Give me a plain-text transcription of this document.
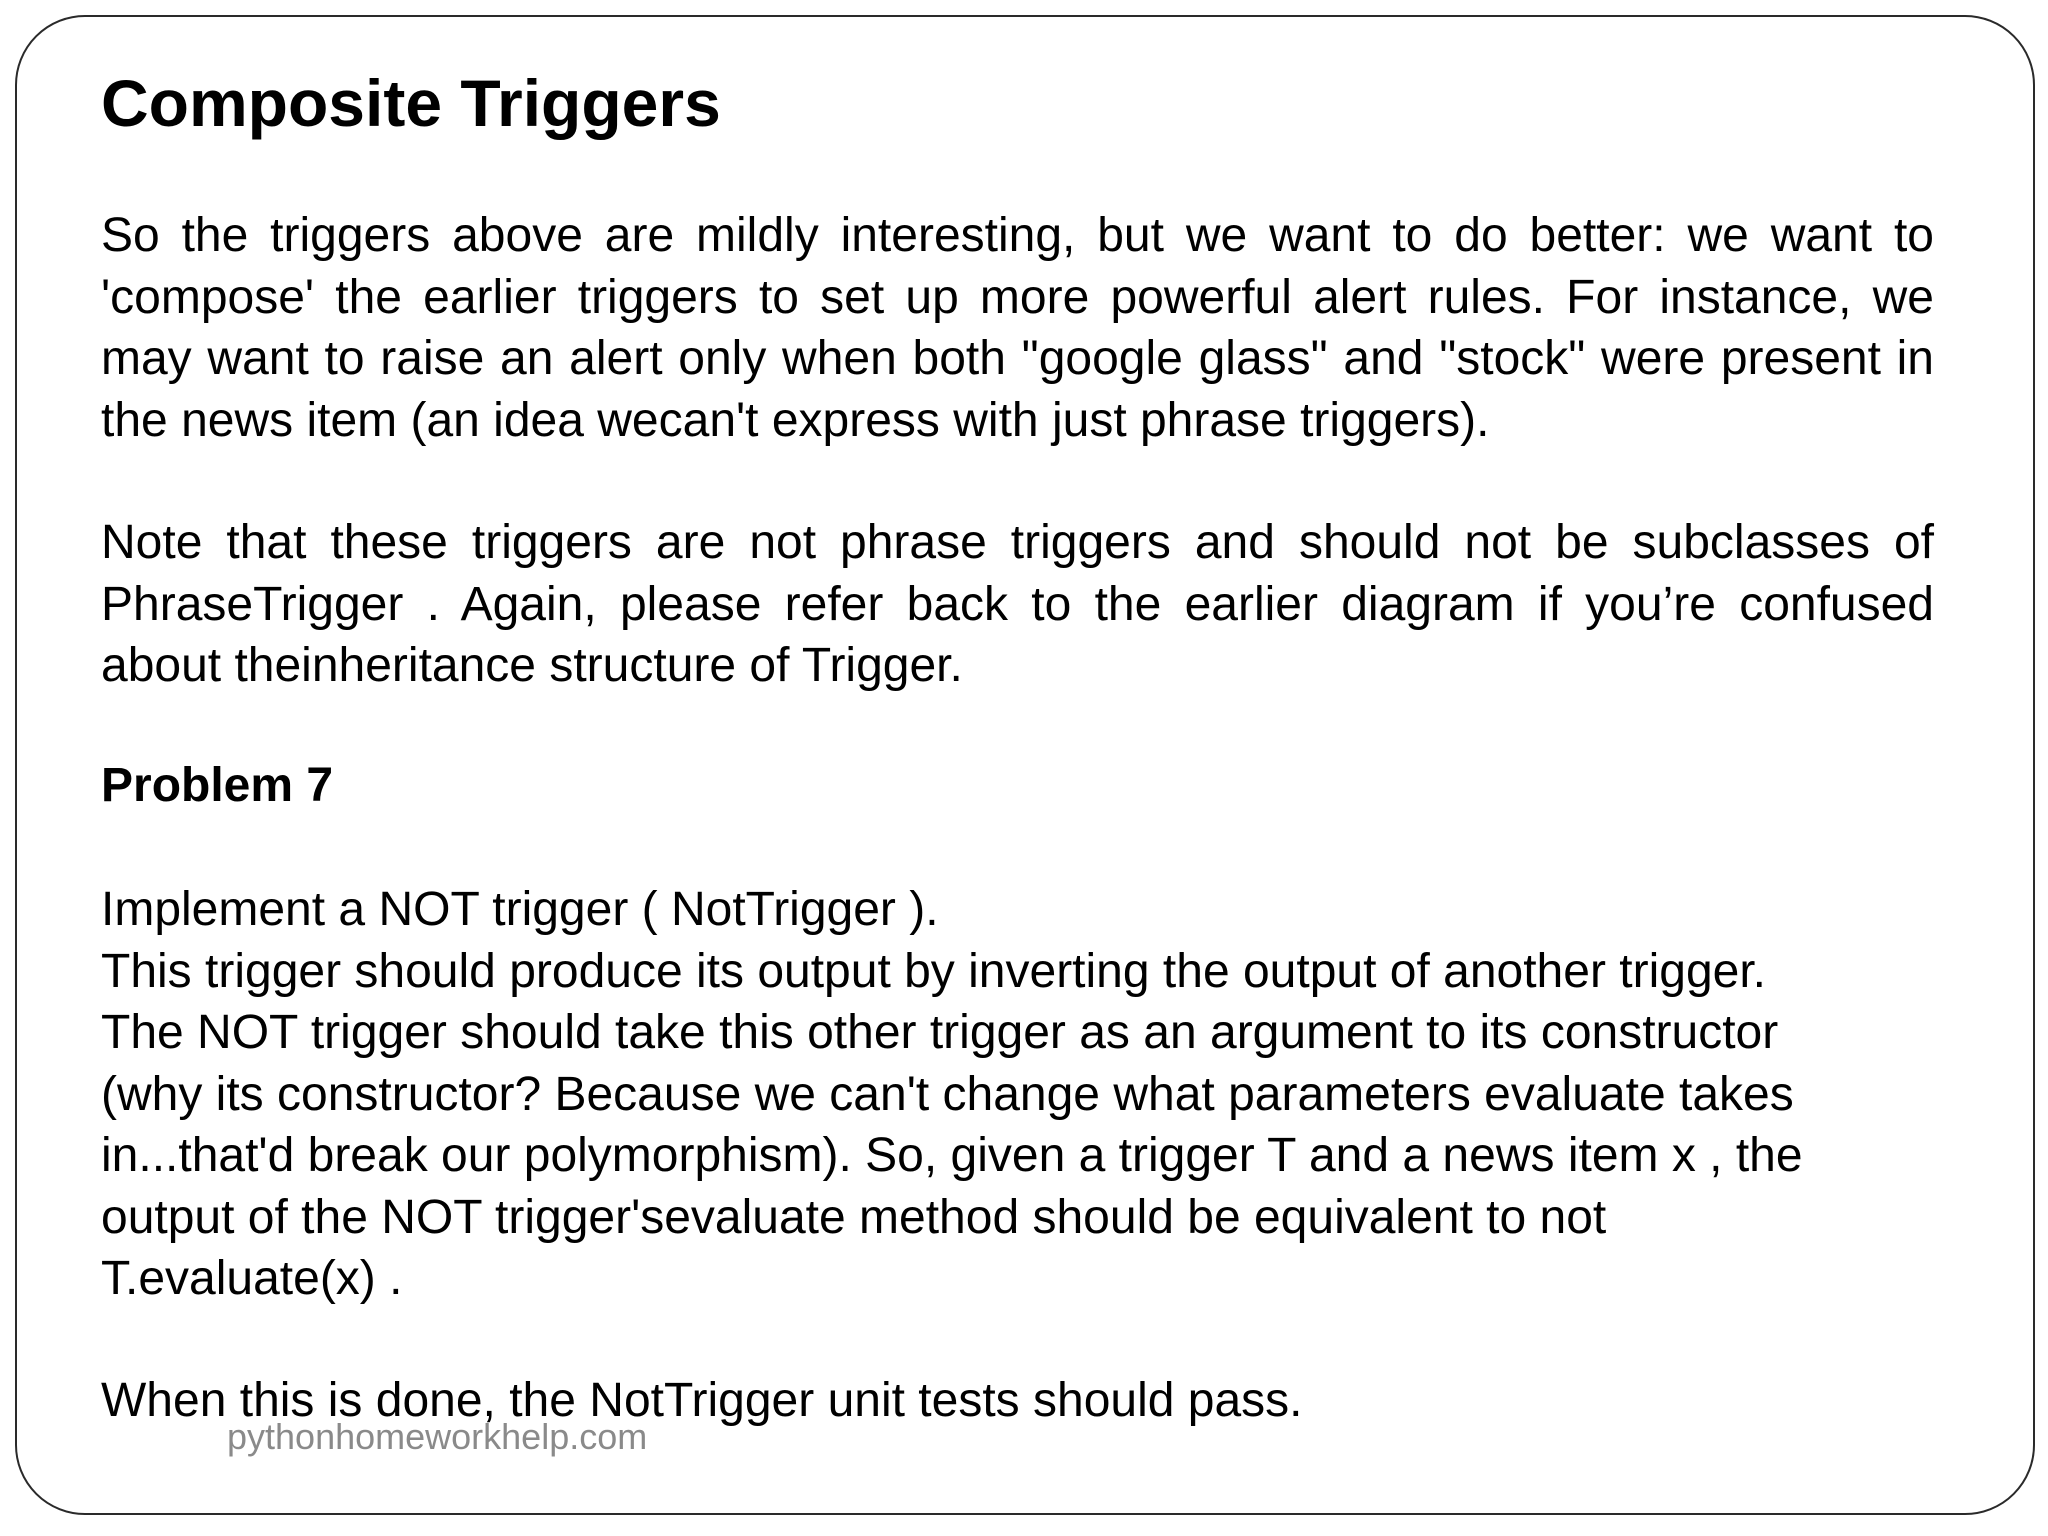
Composite Triggers

So the triggers above are mildly interesting, but we want to do better: we want to 'compose' the earlier triggers to set up more powerful alert rules. For instance, we may want to raise an alert only when both "google glass" and "stock" were present in the news item (an idea wecan't express with just phrase triggers).

Note that these triggers are not phrase triggers and should not be subclasses of PhraseTrigger . Again, please refer back to the earlier diagram if you’re confused about theinheritance structure of Trigger.

Problem 7

Implement a NOT trigger ( NotTrigger ).
This trigger should produce its output by inverting the output of another trigger.
The NOT trigger should take this other trigger as an argument to its constructor
(why its constructor? Because we can't change what parameters evaluate takes
in...that'd break our polymorphism). So, given a trigger T and a news item x , the
output of the NOT trigger'sevaluate method should be equivalent to not
T.evaluate(x) .

When this is done, the NotTrigger unit tests should pass.

pythonhomeworkhelp.com
